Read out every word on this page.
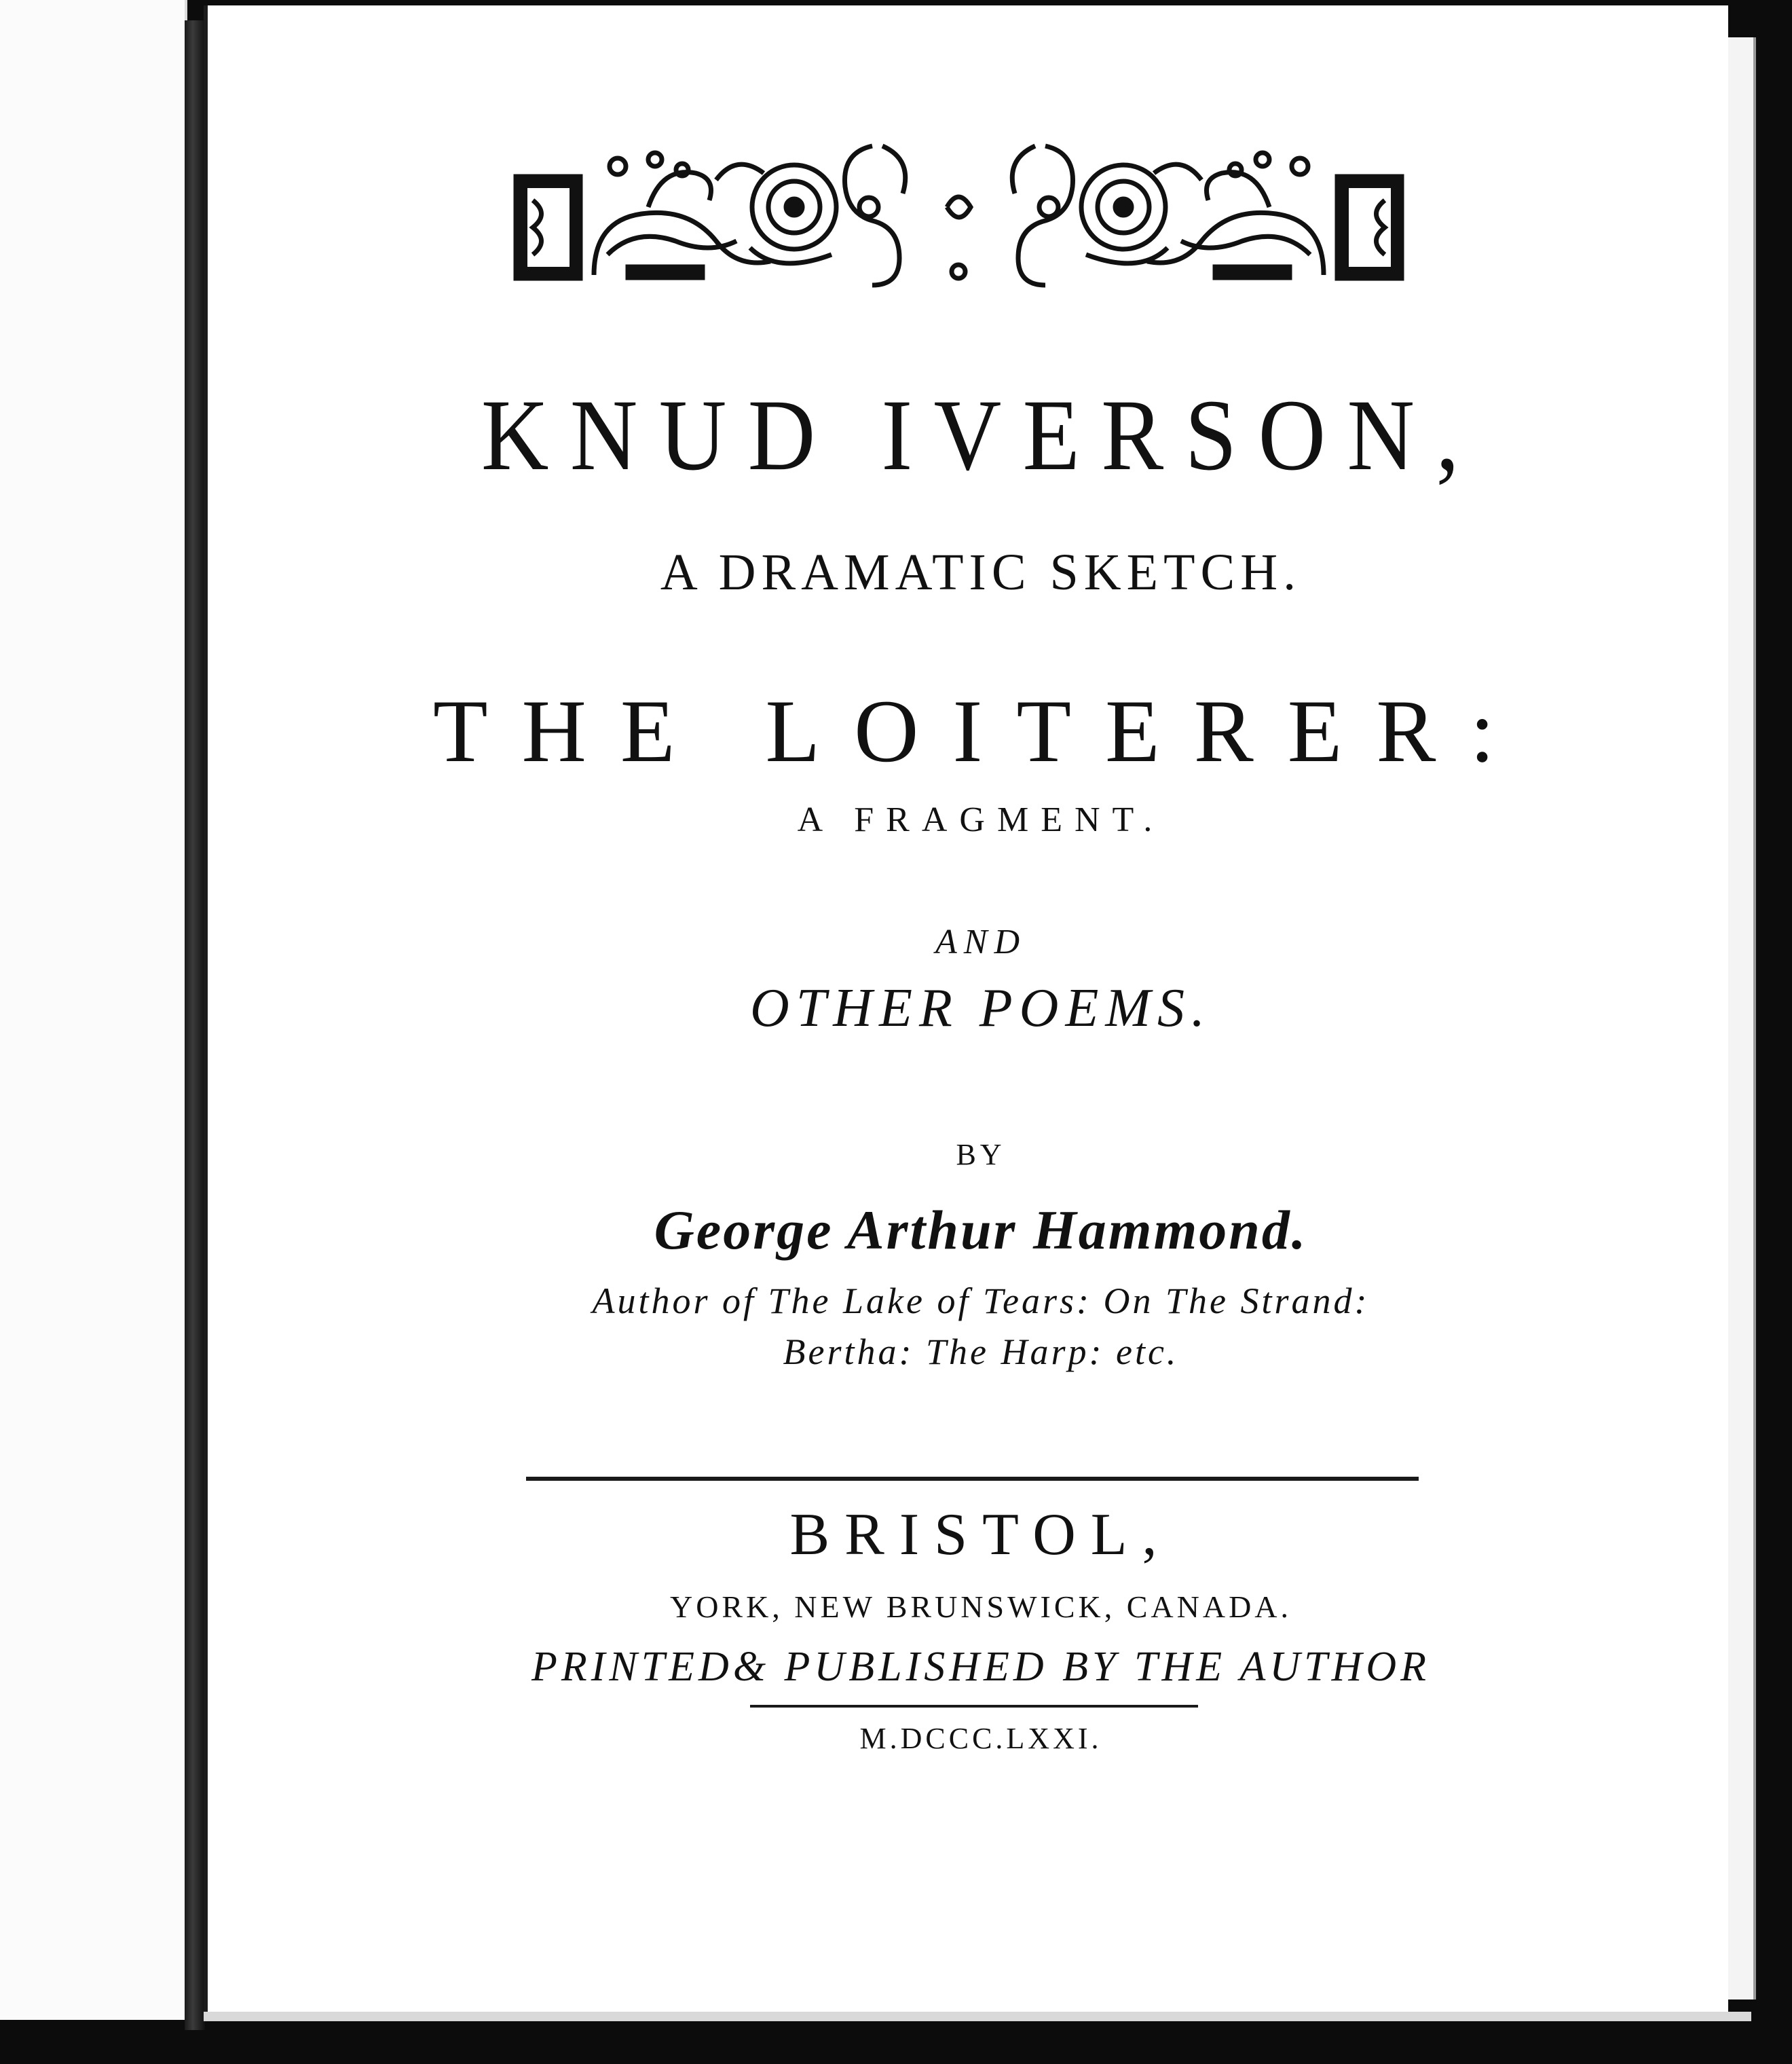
KNUD IVERSON,
A DRAMATIC SKETCH.
THE LOITERER:
A FRAGMENT.
AND
OTHER POEMS.
BY
George Arthur Hammond.
Author of The Lake of Tears: On The Strand:
Bertha: The Harp: etc.
BRISTOL,
YORK, NEW BRUNSWICK, CANADA.
PRINTED& PUBLISHED BY THE AUTHOR
M.DCCC.LXXI.
